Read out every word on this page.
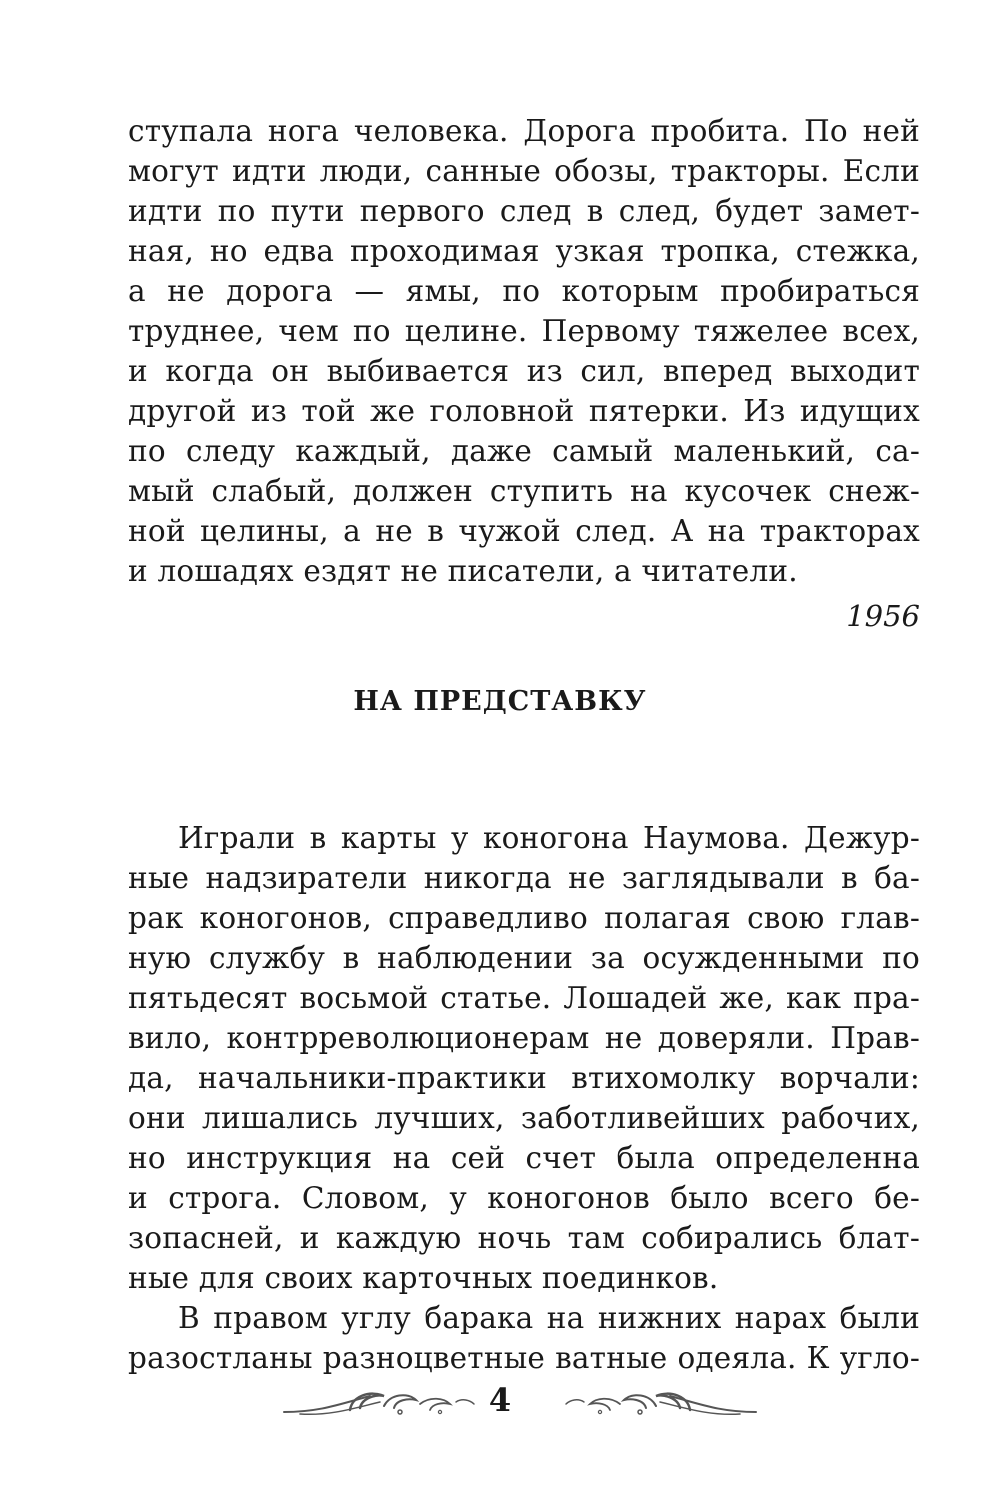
ступала нога человека. Дорога пробита. По ней
могут идти люди, санные обозы, тракторы. Если
идти по пути первого след в след, будет замет-
ная, но едва проходимая узкая тропка, стежка,
а не дорога — ямы, по которым пробираться
труднее, чем по целине. Первому тяжелее всех,
и когда он выбивается из сил, вперед выходит
другой из той же головной пятерки. Из идущих
по следу каждый, даже самый маленький, са-
мый слабый, должен ступить на кусочек снеж-
ной целины, а не в чужой след. А на тракторах
и лошадях ездят не писатели, а читатели.
1956
НА ПРЕДСТАВКУ
Играли в карты у коногона Наумова. Дежур-
ные надзиратели никогда не заглядывали в ба-
рак коногонов, справедливо полагая свою глав-
ную службу в наблюдении за осужденными по
пятьдесят восьмой статье. Лошадей же, как пра-
вило, контрреволюционерам не доверяли. Прав-
да, начальники-практики втихомолку ворчали:
они лишались лучших, заботливейших рабочих,
но инструкция на сей счет была определенна
и строга. Словом, у коногонов было всего бе-
зопасней, и каждую ночь там собирались блат-
ные для своих карточных поединков.
В правом углу барака на нижних нарах были
разостланы разноцветные ватные одеяла. К угло-
4
